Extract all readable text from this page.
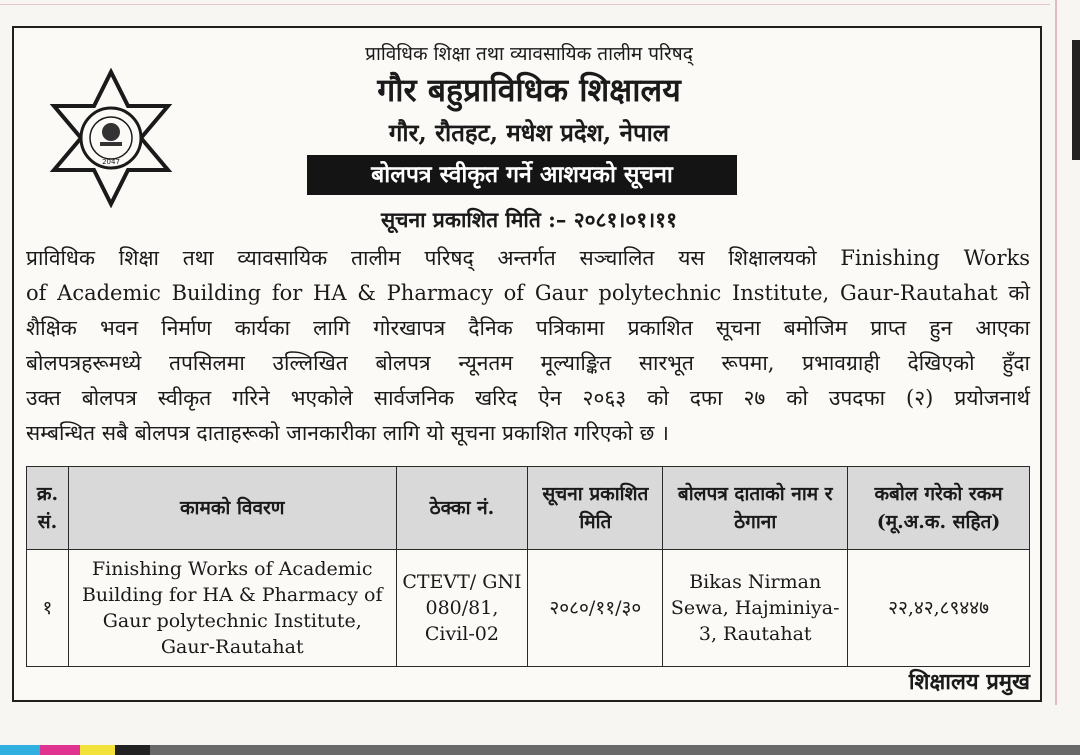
2047
प्राविधिक शिक्षा तथा व्यावसायिक तालीम परिषद्
गौर बहुप्राविधिक शिक्षालय
गौर, रौतहट, मधेश प्रदेश, नेपाल
बोलपत्र स्वीकृत गर्ने आशयको सूचना
सूचना प्रकाशित मिति :– २०८१।०१।११
प्राविधिक शिक्षा तथा व्यावसायिक तालीम परिषद् अन्तर्गत सञ्चालित यस शिक्षालयको Finishing Works
of Academic Building for HA & Pharmacy of Gaur polytechnic Institute, Gaur-Rautahat को
शैक्षिक भवन निर्माण कार्यका लागि गोरखापत्र दैनिक पत्रिकामा प्रकाशित सूचना बमोजिम प्राप्त हुन आएका
बोलपत्रहरूमध्ये तपसिलमा उल्लिखित बोलपत्र न्यूनतम मूल्याङ्कित सारभूत रूपमा, प्रभावग्राही देखिएको हुँदा
उक्त बोलपत्र स्वीकृत गरिने भएकोले सार्वजनिक खरिद ऐन २०६३ को दफा २७ को उपदफा (२) प्रयोजनार्थ
सम्बन्धित सबै बोलपत्र दाताहरूको जानकारीका लागि यो सूचना प्रकाशित गरिएको छ ।
क्र. सं.	कामको विवरण	ठेक्का नं.	सूचना प्रकाशित मिति	बोलपत्र दाताको नाम र ठेगाना	कबोल गरेको रकम (मू.अ.क. सहित)
१	Finishing Works of Academic Building for HA & Pharmacy of Gaur polytechnic Institute, Gaur-Rautahat	CTEVT/ GNI 080/81, Civil-02	२०८०/११/३०	Bikas Nirman Sewa, Hajminiya-3, Rautahat	२२,४२,८९४४७
शिक्षालय प्रमुख
